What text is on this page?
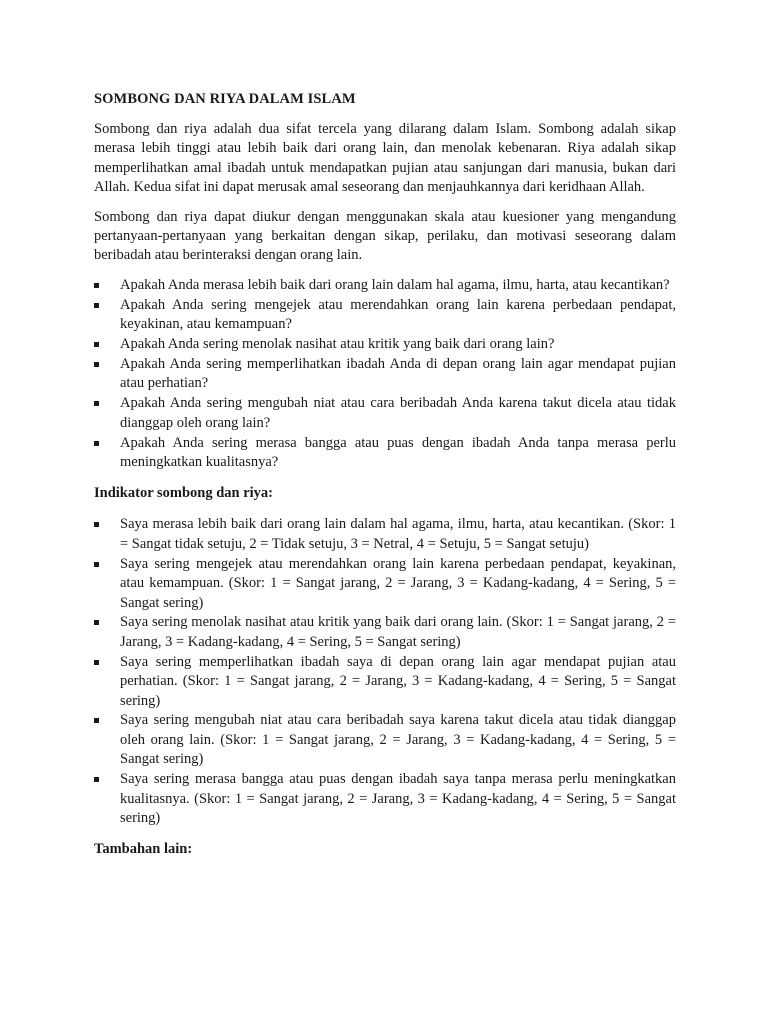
SOMBONG DAN RIYA DALAM ISLAM

Sombong dan riya adalah dua sifat tercela yang dilarang dalam Islam. Sombong adalah sikap merasa lebih tinggi atau lebih baik dari orang lain, dan menolak kebenaran. Riya adalah sikap memperlihatkan amal ibadah untuk mendapatkan pujian atau sanjungan dari manusia, bukan dari Allah. Kedua sifat ini dapat merusak amal seseorang dan menjauhkannya dari keridhaan Allah.

Sombong dan riya dapat diukur dengan menggunakan skala atau kuesioner yang mengandung pertanyaan-pertanyaan yang berkaitan dengan sikap, perilaku, dan motivasi seseorang dalam beribadah atau berinteraksi dengan orang lain.

Apakah Anda merasa lebih baik dari orang lain dalam hal agama, ilmu, harta, atau kecantikan?
Apakah Anda sering mengejek atau merendahkan orang lain karena perbedaan pendapat, keyakinan, atau kemampuan?
Apakah Anda sering menolak nasihat atau kritik yang baik dari orang lain?
Apakah Anda sering memperlihatkan ibadah Anda di depan orang lain agar mendapat pujian atau perhatian?
Apakah Anda sering mengubah niat atau cara beribadah Anda karena takut dicela atau tidak dianggap oleh orang lain?
Apakah Anda sering merasa bangga atau puas dengan ibadah Anda tanpa merasa perlu meningkatkan kualitasnya?
Indikator sombong dan riya:
Saya merasa lebih baik dari orang lain dalam hal agama, ilmu, harta, atau kecantikan. (Skor: 1 = Sangat tidak setuju, 2 = Tidak setuju, 3 = Netral, 4 = Setuju, 5 = Sangat setuju)
Saya sering mengejek atau merendahkan orang lain karena perbedaan pendapat, keyakinan, atau kemampuan. (Skor: 1 = Sangat jarang, 2 = Jarang, 3 = Kadang-kadang, 4 = Sering, 5 = Sangat sering)
Saya sering menolak nasihat atau kritik yang baik dari orang lain. (Skor: 1 = Sangat jarang, 2 = Jarang, 3 = Kadang-kadang, 4 = Sering, 5 = Sangat sering)
Saya sering memperlihatkan ibadah saya di depan orang lain agar mendapat pujian atau perhatian. (Skor: 1 = Sangat jarang, 2 = Jarang, 3 = Kadang-kadang, 4 = Sering, 5 = Sangat sering)
Saya sering mengubah niat atau cara beribadah saya karena takut dicela atau tidak dianggap oleh orang lain. (Skor: 1 = Sangat jarang, 2 = Jarang, 3 = Kadang-kadang, 4 = Sering, 5 = Sangat sering)
Saya sering merasa bangga atau puas dengan ibadah saya tanpa merasa perlu meningkatkan kualitasnya. (Skor: 1 = Sangat jarang, 2 = Jarang, 3 = Kadang-kadang, 4 = Sering, 5 = Sangat sering)
Tambahan lain:
